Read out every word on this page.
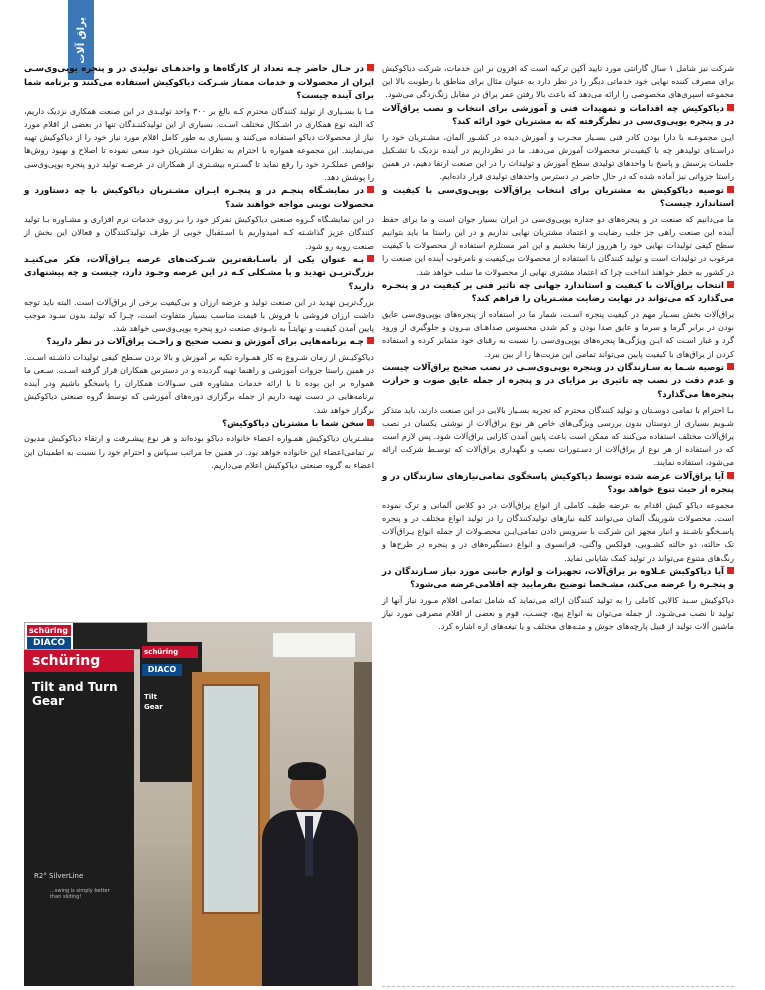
یراق آلات

شرکت نیز شامل ۱ سال گارانتی مورد تایید آکپن ترکیه است که افزون بر این خدمات، شرکت دیاکوکیش برای مصرف کننده نهایی خود خدماتی دیگر را در نظر دارد به عنوان مثال برای مناطق با رطوبت بالا این مجموعه اسپری‌های مخصوصی را ارائه می‌دهد که باعث بالا رفتن عمر یراق در مقابل زنگ‌زدگی می‌شود.

دیاکوکیش چه اقدامات و تمهیدات فنی و آموزشی برای انتخاب و نصب یراق‌آلات در و پنجره یوپی‌وی‌سی در نظرگرفته که به مشتریان خود ارائه کند؟

ایـن مجموعـه با دارا بودن کادر فنی بسـیار مجـرب و آموزش دیده در کشـور آلمان، مشـتریان خود را دراسـتای تولیدهر چه با کیفیت‌تر محصولات آموزش می‌دهد. ما در نظرداریم در آینده نزدیک با تشـکیل جلسات پرسش و پاسخ با واحدهای تولیدی سطح آموزش و تولیدات را در این صنعت ارتقا دهیم، در همین راستا جزواتی نیز آماده شده که در حال حاضر در دسترس واحدهای تولیدی قرار داده‌ایم.

توصیه دیاکوکیش به مشتریان برای انتخاب یراق‌آلات یوپی‌وی‌سی با کیفیت و استاندارد چیست؟

ما می‌دانیم که صنعت در و پنجره‌های دو جداره یوپی‌وی‌سی در ایران بسیار جوان است و ما برای حفظ آینده این صنعت راهی جز جلب رضایت و اعتماد مشتریان نهایی نداریم و در این راستا ما باید بتوانیم سطح کیفی تولیدات نهایی خود را هرروز ارتقا بخشیم و این امر مستلزم استفاده از محصولات با کیفیت مرغوب در تولیدات است و تولید کنندگان با استفاده از محصولات بی‌کیفیت و نامرغوب آینده این صنعت را در کشور به خطر خواهند انداخت چرا که اعتماد مشتری نهایی از محصولات ما سلب خواهد شد.

انتخاب یراق‌آلات با کیفیت و استاندارد جهانی چه تاثیر فنی بر کیفیت در و پنجـره می‌گذارد که می‌تواند در نهایت رضایت مشـتریان را فراهم کند؟

یراق‌آلات بخش بسـیار مهم در کیفیت پنجره اسـت، شمار ما در استفاده از پنجره‌های یوپی‌وی‌سی عایق بودن در برابر گرما و سرما و عایق صدا بودن و کم شدن محسوس صداهـای بیـرون و جلوگیری از ورود گرد و غبار اسـت که ایـن ویژگی‌ها پنجره‌های یوپی‌وی‌سی را نسبت به رقبای خود متمایز کرده و استفاده کردن از یراق‌های با کیفیت پایین می‌تواند تمامی این مزیت‌ها را از بین ببرد.

توصیه شـما به سـازندگان در وپنجره یوپی‌وی‌سـی در نصب صحیح یراق‌آلات چیست و عدم دقت در نصب چه تاثیری بر مزایای در و پنجره از جمله عایق صوت و حرارت پنجره‌ها می‌گذارد؟

بـا احترام با تمامی دوسـتان و تولید کنندگان محترم که تجربه بسـیار بالایی در این صنعت دارند، باید متذکر شـویم بسیاری از دوستان بدون بررسی ویژگی‌های خاص هر نوع یراق‌آلات از نوشتی یکسان در نصب یراق‌آلات مختلف استفاده می‌کنند که ممکن است باعث پایین آمدن کارایی یراق‌آلات شود. پس لازم است که در استفاده از هر نوع از یراق‌آلات از دسـتورات نصب و نگهداری یراق‌آلات که توسـط شرکت ارائه می‌شود، استفاده نمایند.

آیا یراق‌آلات عرضه شده توسط دیاکوکیش پاسخگوی تمامی‌نیازهای سازندگان در و پنجره از حیث تنوع خواهد بود؟

مجموعه دیاکو کیش اقدام به عرضه طیف کاملی از انواع یراق‌آلات در دو کلاس آلمانی و ترک نموده است. محصولات شورینگ آلمان می‌توانند کلیه نیازهای تولیدکنندگان را در تولید انواع مختلف در و پنجره پاسـخگو باشـند و انبار مجهز این شرکت با سرویس دادن تمامی‌ایـن محصـولات از جمله انواع یـراق‌آلات تک حالته، دو حالته کشـویی، فولکس واگنی، فرانسوی و انواع دستگیره‌های در و پنجره در طرح‌ها و رنگ‌های متنوع می‌تواند در تولید کمک شایانی نماید.

آیا دیاکوکیش عـلاوه بر یراق‌آلات، تجهیزات و لوازم جانبی مورد نیاز سـازندگان در و پنجـره را عرضه می‌کند، مشـخصا توضیح بفرمایید چه اقلامی‌عرضه می‌شود؟

دیاکوکیش سـبد کالایی کاملی را به تولید کنندگان ارائه می‌نماید که شامل تمامی اقلام مـورد نیاز آنها از تولید تا نصب می‌شـود. از جمله می‌توان به انواع پیچ، چسـب، فوم و بعضی از اقلام مصرفی مورد نیاز ماشین آلات تولید از قبیل پارچه‌های جوش و متـه‌های مختلف و یا تیغه‌های اره اشاره کرد.

در حـال حاضر چـه تعداد از کارگاه‌ها و واحدهـای تولیدی در و پنجره یوپی‌وی‌سـی ایران از محصولات و خدمات ممتاز شـرکت دیاکوکیش استفاده می‌کنند و برنامه شما برای آینده چیست؟

مـا با بسـیاری از تولید کنندگان محترم کـه بالغ بر ۳۰۰ واحد تولیـدی در این صنعت همکاری نزدیک داریم، که البته نوع همکاری در اشـکال مختلف اسـت. بسیاری از این تولیدکننـدگان تنها در بعضی از اقلام مورد نیاز از محصولات دیاکو استفاده می‌کنند و بسیاری به طور کامل اقلام مورد نیاز خود را از دیاکوکیش تهیه می‌نمایند. این مجموعه همواره با احترام به نظرات مشتریان خود سعی نموده تا اصلاح و بهبود روش‌ها نواقص عملکـرد خود را رفع نماید تا گسـتره بیشـتری از همکاران در عرصـه تولید درو پنجره یوپی‌وی‌سی را پوشش دهد.

در نمایشـگاه پنجـم در و پنجـره ایـران مشـتریان دیاکوکیش با چه دستاورد و محصولات نوینی مواجه خواهند شد؟

در این نمایشـگاه گـروه صنعتی دیاکوکیش تمرکز خود را بـر روی خدمات نرم افزاری و مشـاوره بـا تولید کنندگان عزیز گذاشـته کـه امیدواریم با اسـتقبال خوبی از طرف تولیدکنندگان و فعالان این بخش از صنعت روبه رو شود.

بـه عنوان یکی از باسـابقه‌ترین شـرکت‌های عرصه یـراق‌آلات، فکر می‌کنیـد بزرگ‌تریـن تهدید و یا مشـکلی کـه در این عرصه وجـود دارد، چیست و چه پیشنهادی دارید؟

بزرگ‌تریـن تهدید در این صنعت تولید و عرضه ارزان و بی‌کیفیت برخی از یراق‌آلات است. البته باید توجه داشت ارزان فروشی با فروش با قیمت مناسب بسیار متفاوت است، چـرا که تولید بدون سـود موجب پایین آمدن کیفیت و نهایتـاً به نابـودی صنعت درو پنجره یوپی‌وی‌سی خواهد شد.

چـه برنامه‌هایی برای آموزش و نصب صحیح و راحـت یراق‌آلات در نظر دارید؟

دیاکوکیـش از زمان شـروع به کار همـواره تکیه بر آموزش و بالا بردن سـطح کیفی تولیدات داشـته اسـت. در همین راستا جزوات آموزشی و راهنما تهیه گردیده و در دسترس همکاران قرار گرفته اسـت. سـعی ما همواره بر این بوده تا با ارائه خدمات مشاوره فنی سـوالات همکاران را پاسخگو باشیم ودر آینده برنامه‌هایی در دست تهیه داریم از جمله برگزاری دوره‌های آموزشی که توسط گروه صنعتی دیاکوکیش برگزار خواهد شد.

سخن شما با مشتریان دیاکوکیش؟

مشـتریان دیاکوکیش همـواره اعضاء خانواده دیاکو بوده‌اند و هر نوع پیشـرفت و ارتقاء دیاکوکیش مدیون بر تمامی‌اعضاء این خانواده خواهد بود. در همین جا مراتب سـپاس و احترام خود را نسبت به اطمینان این اعضاء به گروه صنعتی دیاکوکیش اعلام می‌داریم.

schüring
DIACO
schüring
Tilt and Turn
Gear
R2° SilverLine
...swing is simply better than sliding!
schüring
DIACO
Tilt
Gear
